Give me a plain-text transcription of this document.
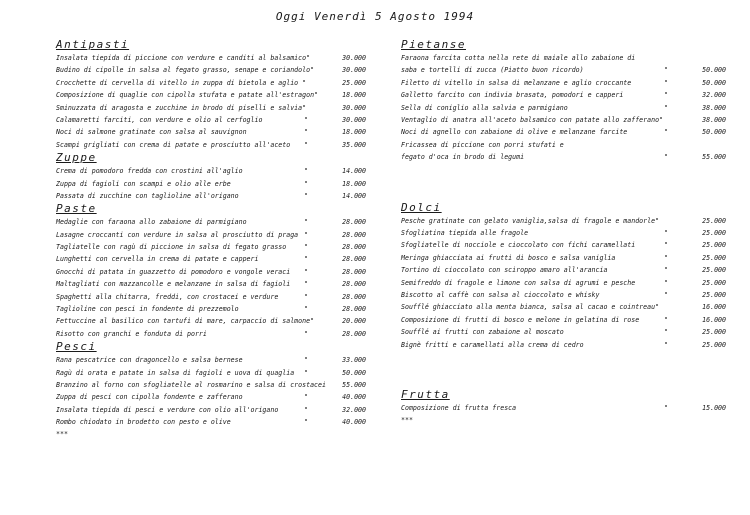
Oggi Venerdì 5 Agosto 1994
Antipasti
Insalata tiepida di piccione con verdure e canditi al balsamico"	30.000
Budino di cipolle in salsa al fegato grasso, senape e coriandolo"	30.000
Crocchette di cervella di vitello in zuppa di bietola e aglio "	25.000
Composizione di quaglie con cipolla stufata e patate all'estragon"	18.000
Sminuzzata di aragosta e zucchine in brodo di piselli e salvia"	30.000
Calamaretti farciti, con verdure e olio al cerfoglio	"	30.000
Noci di salmone gratinate con salsa al sauvignon	"	18.000
Scampi grigliati con crema di patate e prosciutto all'aceto "	35.000
Zuppe
Crema di pomodoro fredda con crostini all'aglio	"	14.000
Zuppa di fagioli con scampi e olio alle erbe	"	18.000
Passata di zucchine con taglioline all'origano	"	14.000
Paste
Medaglie con faraona allo zabaione di parmigiano	"	28.000
Lasagne croccanti con verdure in salsa al prosciutto di praga "	28.000
Tagliatelle con ragù di piccione in salsa di fegato grasso	"	28.000
Lunghetti con cervella in crema di patate e capperi	"	28.000
Gnocchi di patata in guazzetto di pomodoro e vongole veraci "	28.000
Maltagliati con mazzancolle e melanzane in salsa di fagioli "	28.000
Spaghetti alla chitarra, freddi, con crostacei e verdure	"	28.000
Taglioline con pesci in fondente di prezzemolo	"	28.000
Fettuccine al basilico con tartufi di mare, carpaccio di salmone"	20.000
Risotto con granchi e fonduta di porri	"	28.000
Pesci
Rana pescatrice con dragoncello e salsa bernese	"	33.000
Ragù di orata e patate in salsa di fagioli e uova di quaglia "	50.000
Branzino al forno con sfogliatelle al rosmarino e salsa di crostacei 55.000
Zuppa di pesci con cipolla fondente e zafferano	"	40.000
Insalata tiepida di pesci e verdure con olio all'origano	"	32.000
Rombo chiodato in brodetto con pesto e olive	"	40.000
***
Pietanse
Faraona farcita cotta nella rete di maiale allo zabaione di
saba e tortelli di zucca (Piatto buon ricordo)	"	50.000
Filetto di vitello in salsa di melanzane e aglio croccante	"	50.000
Galletto farcito con indivia brasata, pomodori e capperi	"	32.000
Sella di coniglio alla salvia e parmigiano	"	38.000
Ventaglio di anatra all'aceto balsamico con patate allo zafferano"	38.000
Noci di agnello con zabaione di olive e melanzane farcite	"	50.000
Fricassea di piccione con porri stufati e
fegato d'oca in brodo di legumi	"	55.000
Dolci
Pesche gratinate con gelato vaniglia,salsa di fragole e mandorle"	25.000
Sfogliatina tiepida alle fragole	"	25.000
Sfogliatelle di nocciole e cioccolato con fichi caramellati	"	25.000
Meringa ghiacciata ai frutti di bosco e salsa vaniglia	"	25.000
Tortino di cioccolato con sciroppo amaro all'arancia	"	25.000
Semifreddo di fragole e limone con salsa di agrumi e pesche	"	25.000
Biscotto al caffè con salsa al cioccolato e whisky	"	25.000
Soufflé ghiacciato alla menta bianca, salsa al cacao e cointreau"	16.000
Composizione di frutti di bosco e melone in gelatina di rose	"	16.000
Soufflé ai frutti con zabaione al moscato	"	25.000
Bignè fritti e caramellati alla crema di cedro	"	25.000
Frutta
Composizione di frutta fresca	"	15.000
***
